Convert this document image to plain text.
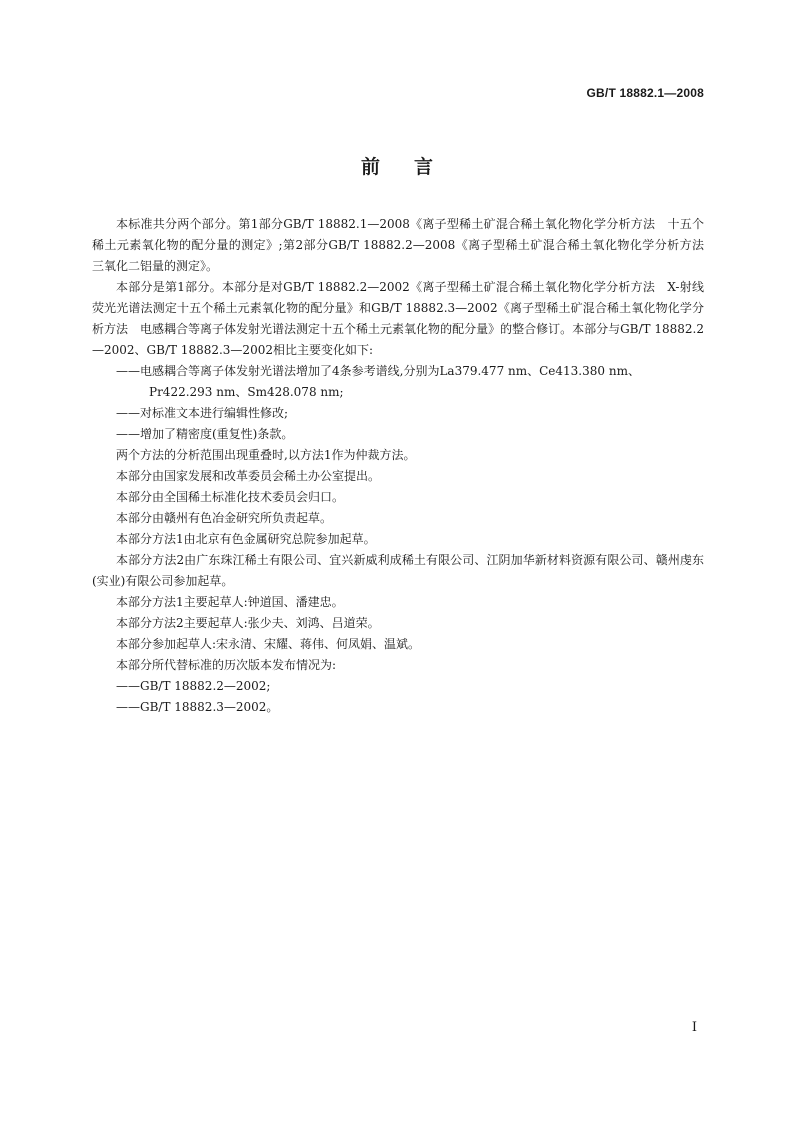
GB/T 18882.1—2008
前言

本标准共分两个部分。第1部分GB/T 18882.1—2008《离子型稀土矿混合稀土氧化物化学分析方法　十五个稀土元素氧化物的配分量的测定》;第2部分GB/T 18882.2—2008《离子型稀土矿混合稀土氧化物化学分析方法　三氧化二铝量的测定》。

本部分是第1部分。本部分是对GB/T 18882.2—2002《离子型稀土矿混合稀土氧化物化学分析方法　X-射线荧光光谱法测定十五个稀土元素氧化物的配分量》和GB/T 18882.3—2002《离子型稀土矿混合稀土氧化物化学分析方法　电感耦合等离子体发射光谱法测定十五个稀土元素氧化物的配分量》的整合修订。本部分与GB/T 18882.2—2002、GB/T 18882.3—2002相比主要变化如下:

——电感耦合等离子体发射光谱法增加了4条参考谱线,分别为La379.477 nm、Ce413.380 nm、

Pr422.293 nm、Sm428.078 nm;

——对标准文本进行编辑性修改;

——增加了精密度(重复性)条款。

两个方法的分析范围出现重叠时,以方法1作为仲裁方法。

本部分由国家发展和改革委员会稀土办公室提出。

本部分由全国稀土标准化技术委员会归口。

本部分由赣州有色冶金研究所负责起草。

本部分方法1由北京有色金属研究总院参加起草。

本部分方法2由广东珠江稀土有限公司、宜兴新威利成稀土有限公司、江阴加华新材料资源有限公司、赣州虔东(实业)有限公司参加起草。

本部分方法1主要起草人:钟道国、潘建忠。

本部分方法2主要起草人:张少夫、刘鸿、吕道荣。

本部分参加起草人:宋永清、宋耀、蒋伟、何凤娟、温斌。

本部分所代替标准的历次版本发布情况为:

——GB/T 18882.2—2002;

——GB/T 18882.3—2002。

I
